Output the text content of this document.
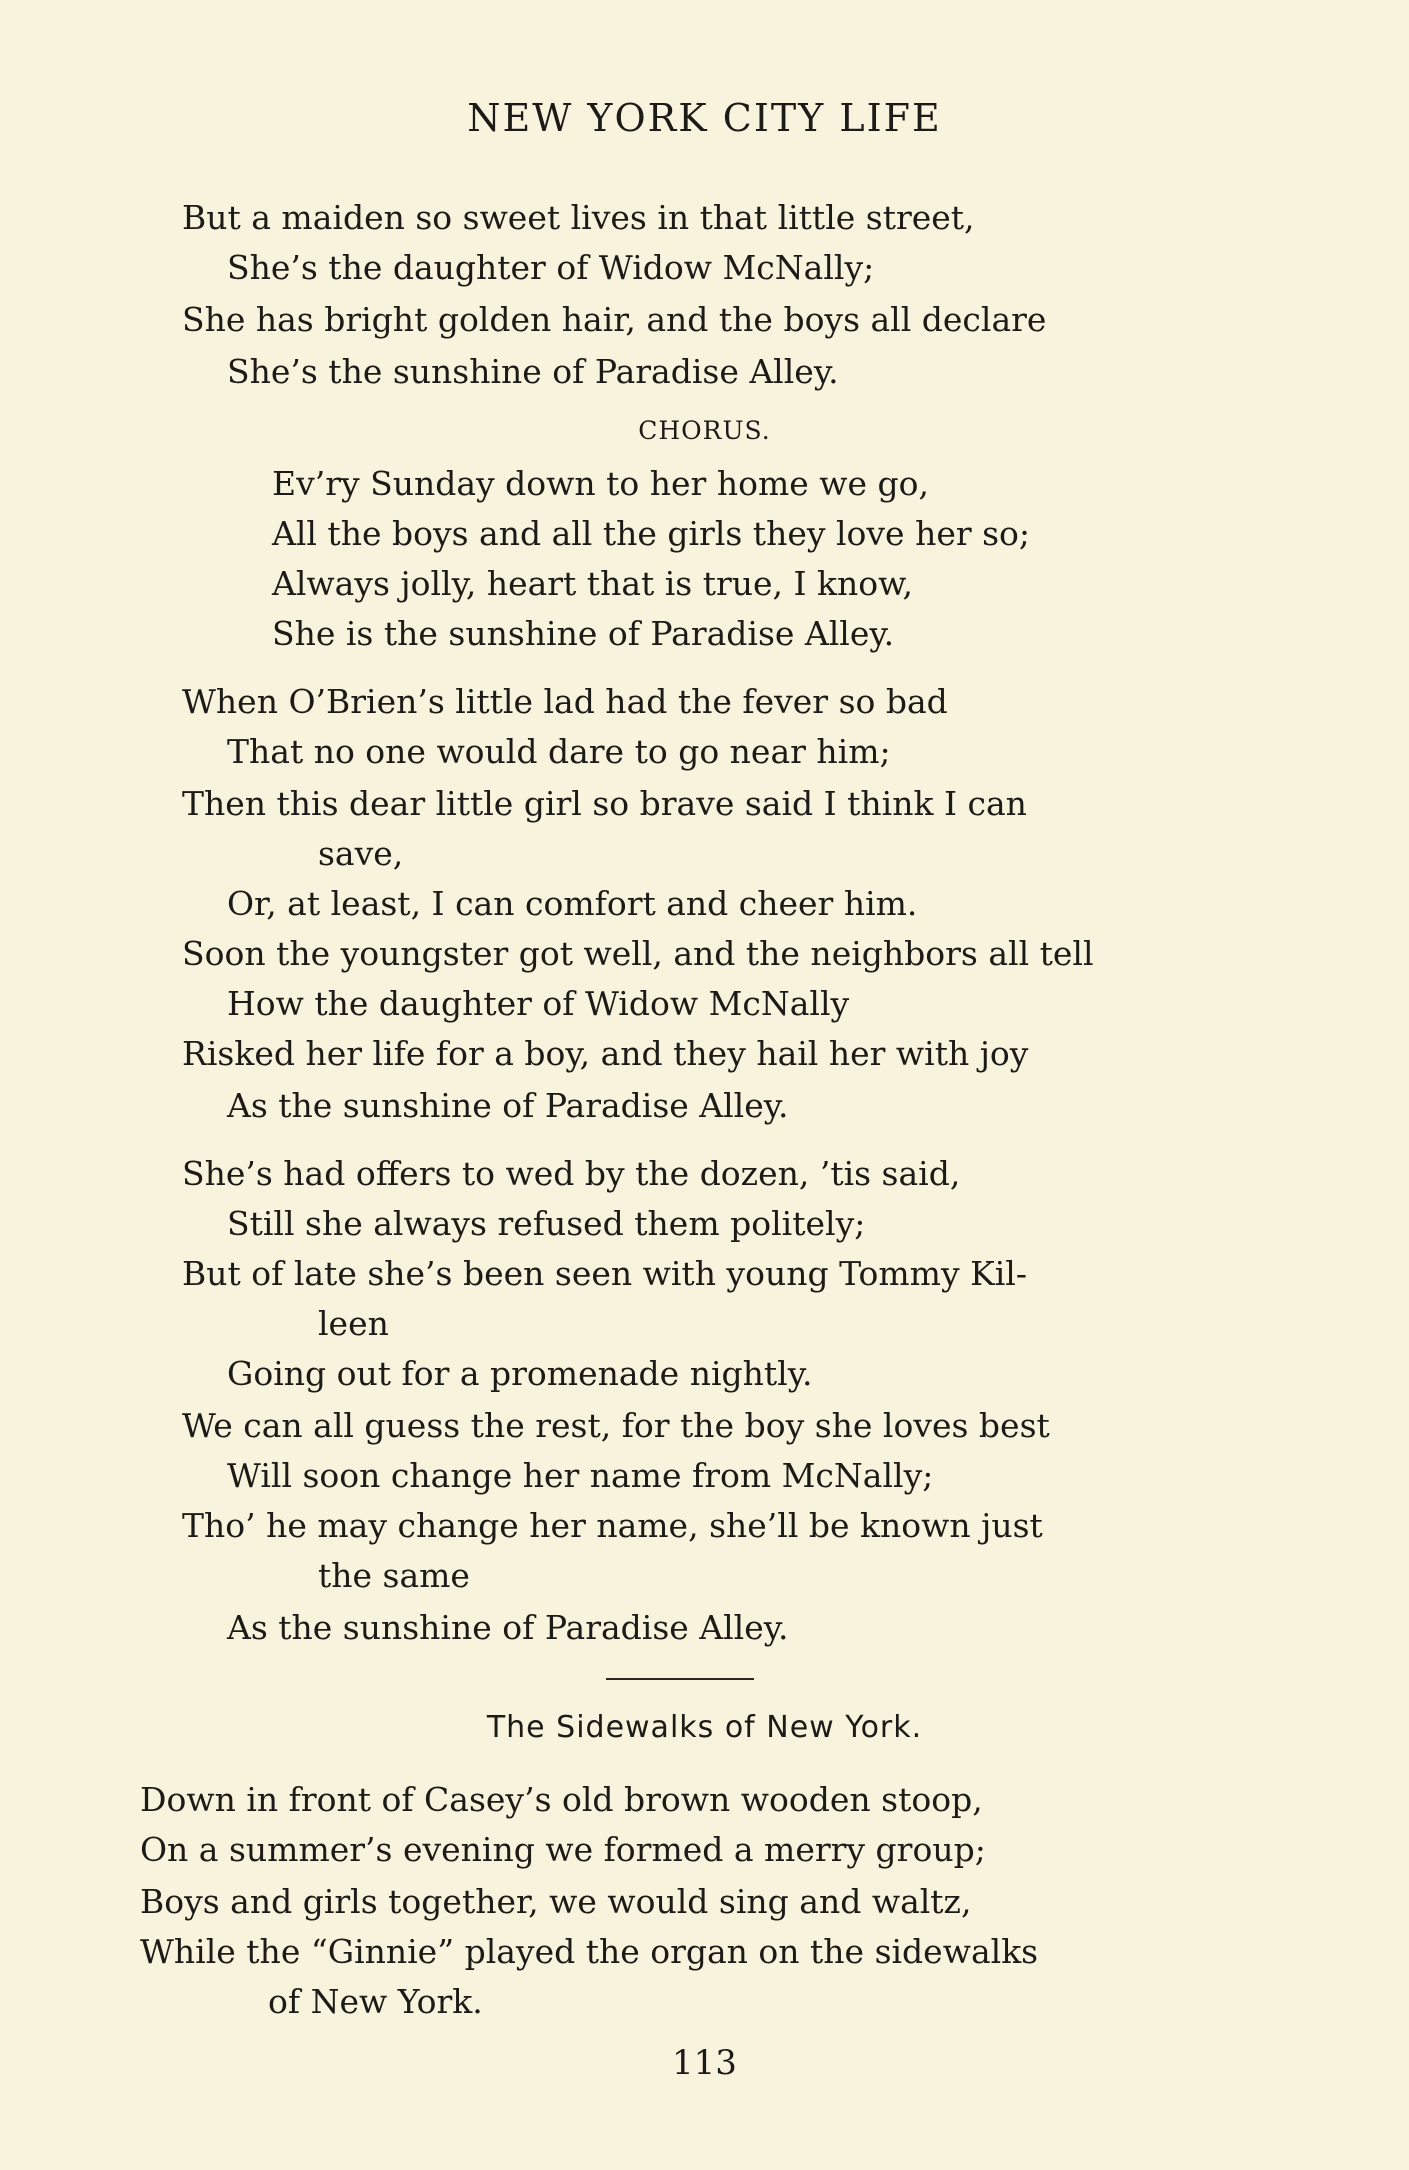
NEW YORK CITY LIFE
But a maiden so sweet lives in that little street,
She’s the daughter of Widow McNally;
She has bright golden hair, and the boys all declare
She’s the sunshine of Paradise Alley.
CHORUS.
Ev’ry Sunday down to her home we go,
All the boys and all the girls they love her so;
Always jolly, heart that is true, I know,
She is the sunshine of Paradise Alley.
When O’Brien’s little lad had the fever so bad
That no one would dare to go near him;
Then this dear little girl so brave said I think I can
save,
Or, at least, I can comfort and cheer him.
Soon the youngster got well, and the neighbors all tell
How the daughter of Widow McNally
Risked her life for a boy, and they hail her with joy
As the sunshine of Paradise Alley.
She’s had offers to wed by the dozen, ’tis said,
Still she always refused them politely;
But of late she’s been seen with young Tommy Kil-
leen
Going out for a promenade nightly.
We can all guess the rest, for the boy she loves best
Will soon change her name from McNally;
Tho’ he may change her name, she’ll be known just
the same
As the sunshine of Paradise Alley.
The Sidewalks of New York.
Down in front of Casey’s old brown wooden stoop,
On a summer’s evening we formed a merry group;
Boys and girls together, we would sing and waltz,
While the “Ginnie” played the organ on the sidewalks
of New York.
113
